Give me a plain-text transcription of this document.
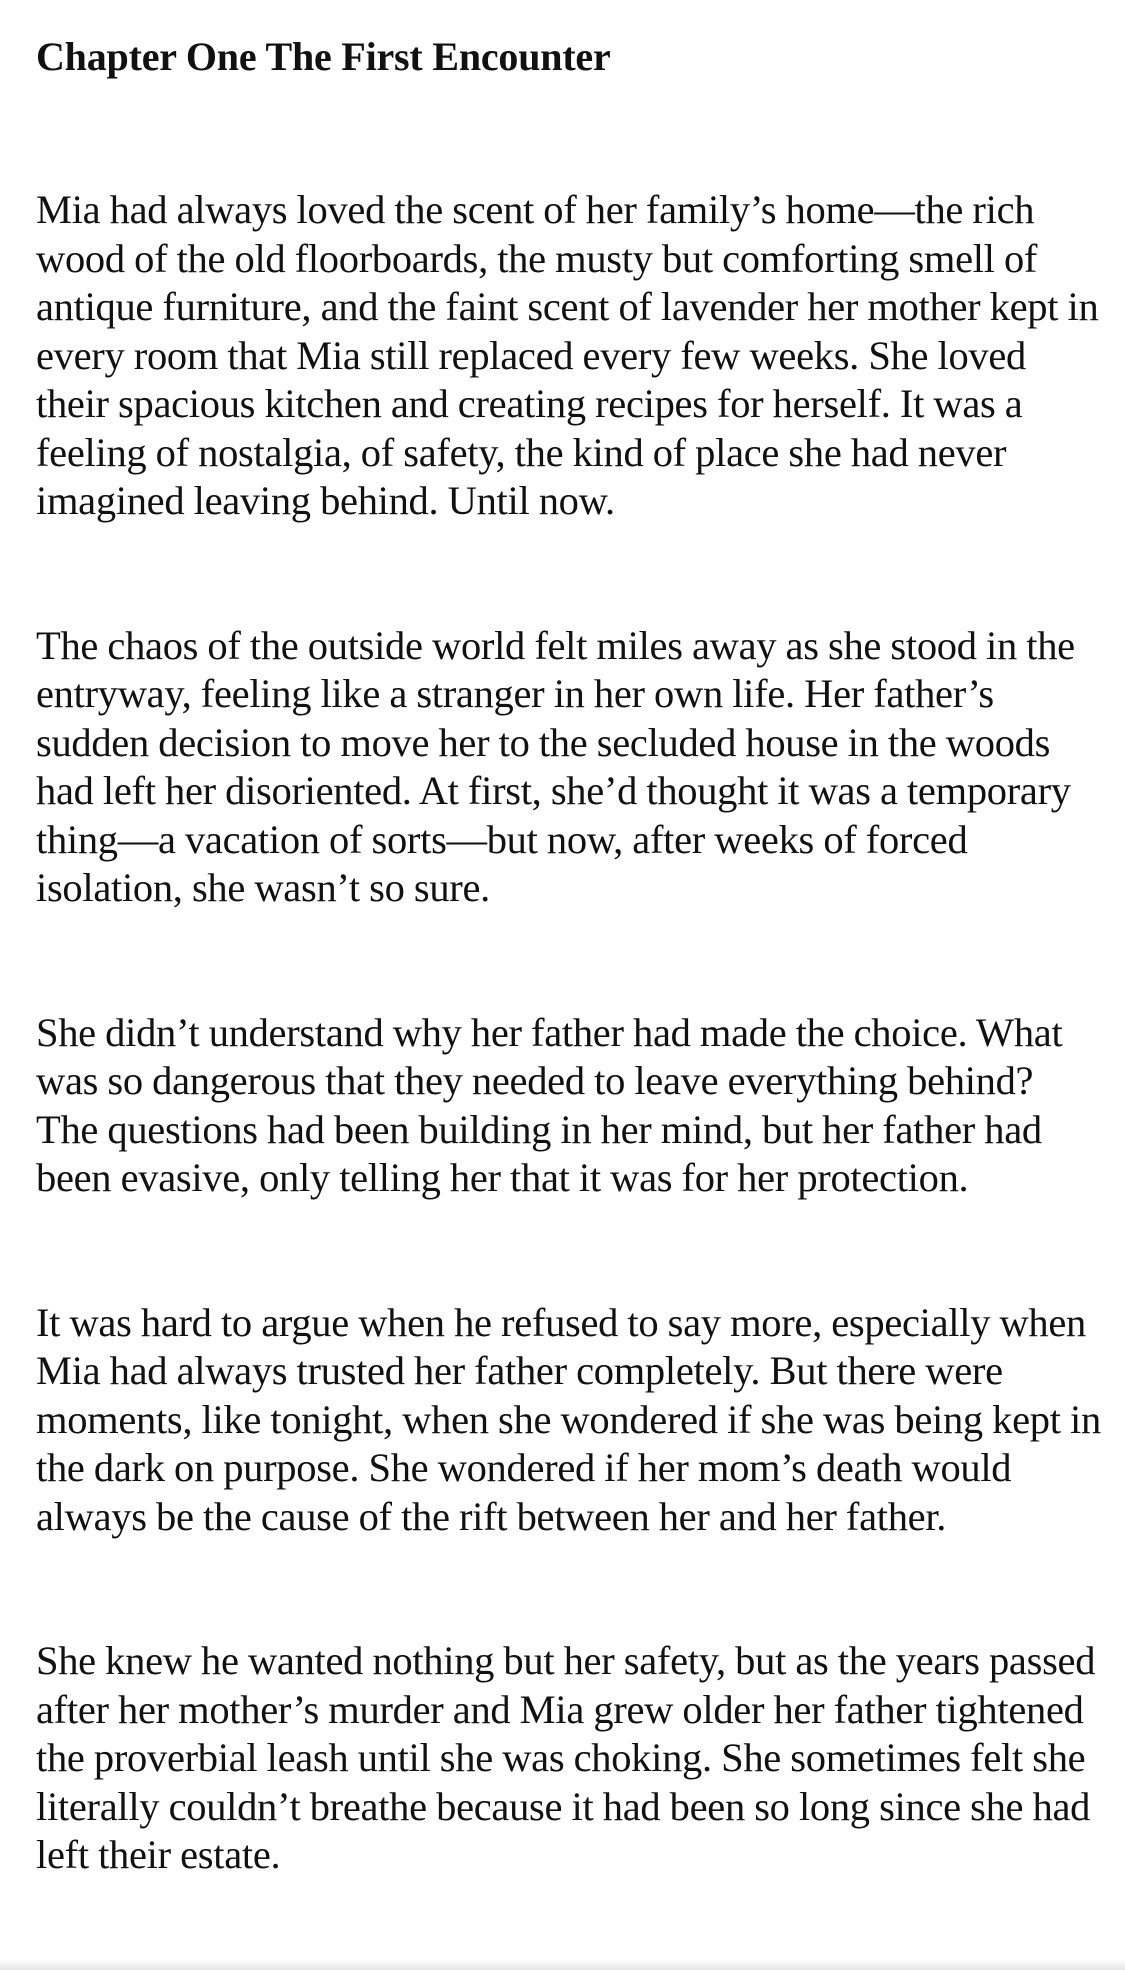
Chapter One The First Encounter

Mia had always loved the scent of her family’s home—the rich wood of the old floorboards, the musty but comforting smell of antique furniture, and the faint scent of lavender her mother kept in every room that Mia still replaced every few weeks. She loved their spacious kitchen and creating recipes for herself. It was a feeling of nostalgia, of safety, the kind of place she had never imagined leaving behind. Until now.

The chaos of the outside world felt miles away as she stood in the entryway, feeling like a stranger in her own life. Her father’s sudden decision to move her to the secluded house in the woods had left her disoriented. At first, she’d thought it was a temporary thing—a vacation of sorts—but now, after weeks of forced isolation, she wasn’t so sure.

She didn’t understand why her father had made the choice. What was so dangerous that they needed to leave everything behind? The questions had been building in her mind, but her father had been evasive, only telling her that it was for her protection.

It was hard to argue when he refused to say more, especially when Mia had always trusted her father completely. But there were moments, like tonight, when she wondered if she was being kept in the dark on purpose. She wondered if her mom’s death would always be the cause of the rift between her and her father.

She knew he wanted nothing but her safety, but as the years passed after her mother’s murder and Mia grew older her father tightened the proverbial leash until she was choking. She sometimes felt she literally couldn’t breathe because it had been so long since she had left their estate.
